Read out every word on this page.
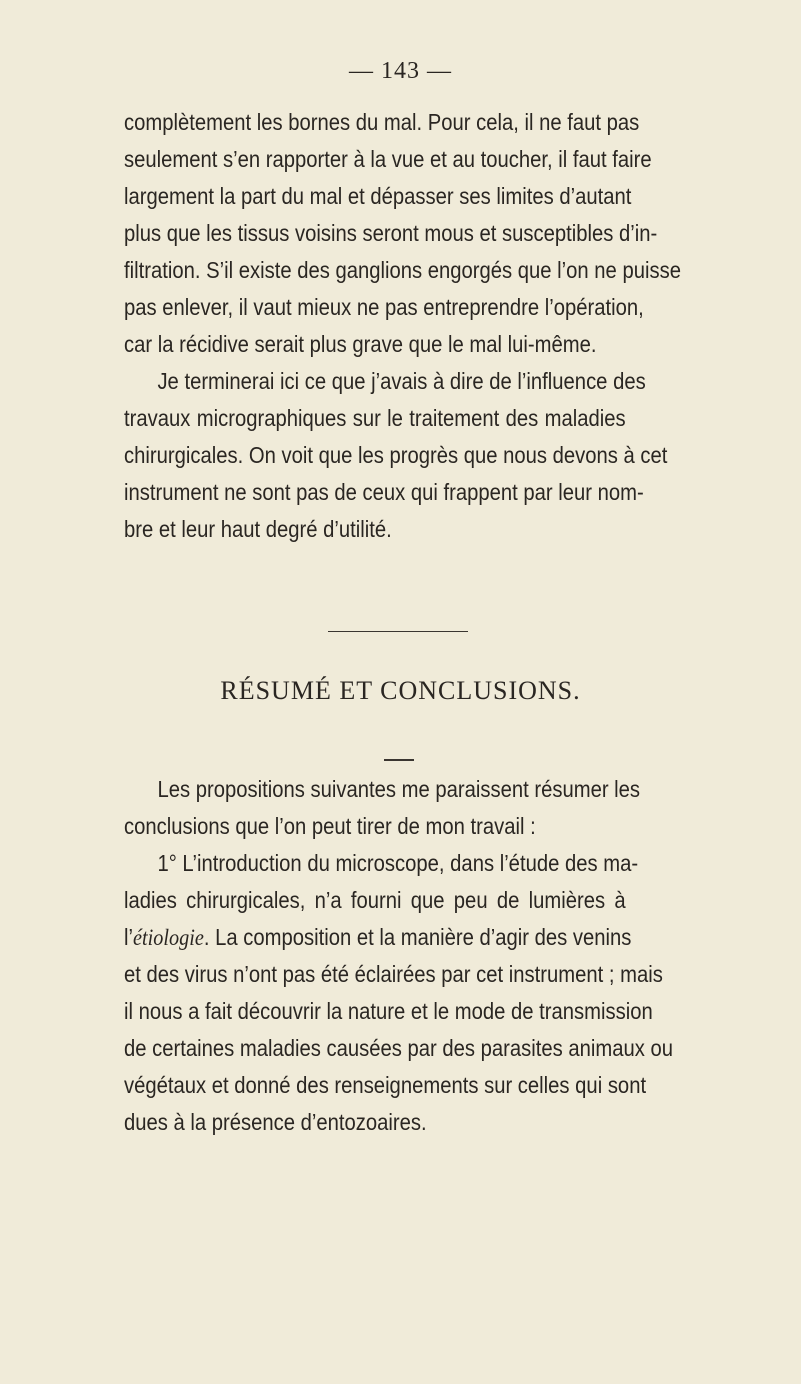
— 143 —
complètement les bornes du mal. Pour cela, il ne faut pas
seulement s’en rapporter à la vue et au toucher, il faut faire
largement la part du mal et dépasser ses limites d’autant
plus que les tissus voisins seront mous et susceptibles d’in-
filtration. S’il existe des ganglions engorgés que l’on ne puisse
pas enlever, il vaut mieux ne pas entreprendre l’opération,
car la récidive serait plus grave que le mal lui-même.
Je terminerai ici ce que j’avais à dire de l’influence des
travaux micrographiques sur le traitement des maladies
chirurgicales. On voit que les progrès que nous devons à cet
instrument ne sont pas de ceux qui frappent par leur nom-
bre et leur haut degré d’utilité.
RÉSUMÉ ET CONCLUSIONS.
Les propositions suivantes me paraissent résumer les
conclusions que l’on peut tirer de mon travail :
1° L’introduction du microscope, dans l’étude des ma-
ladies chirurgicales, n’a fourni que peu de lumières à
l’étiologie. La composition et la manière d’agir des venins
et des virus n’ont pas été éclairées par cet instrument ; mais
il nous a fait découvrir la nature et le mode de transmission
de certaines maladies causées par des parasites animaux ou
végétaux et donné des renseignements sur celles qui sont
dues à la présence d’entozoaires.
